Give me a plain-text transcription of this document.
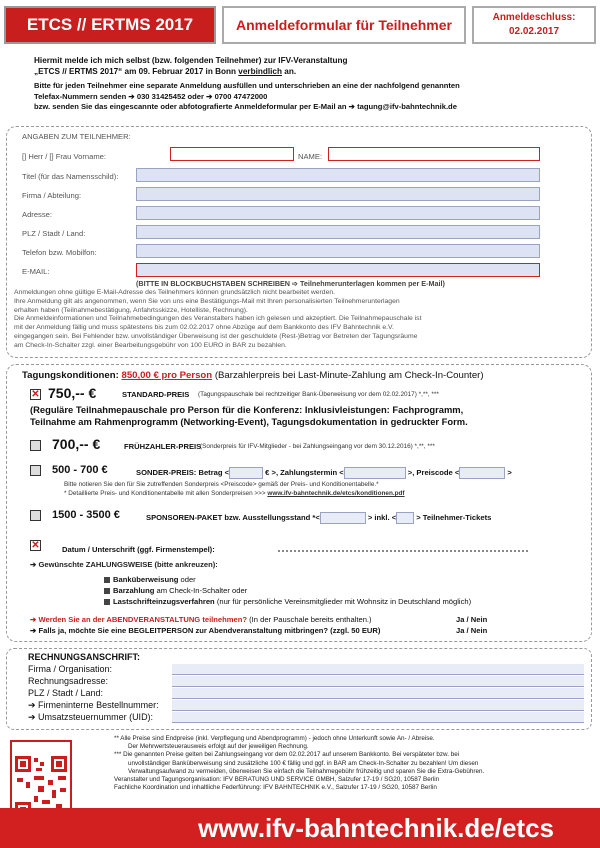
ETCS // ERTMS 2017	Anmeldeformular für Teilnehmer	Anmeldeschluss:
02.02.2017
Hiermit melde ich mich selbst (bzw. folgenden Teilnehmer) zur IFV-Veranstaltung
„ETCS // ERTMS 2017“ am 09. Februar 2017 in Bonn verbindlich an.
Bitte für jeden Teilnehmer eine separate Anmeldung ausfüllen und unterschrieben an eine der nachfolgend genannten
Telefax-Nummern senden ➔ 030 31425452 oder ➔ 0700 47472000
bzw. senden Sie das eingescannte oder abfotografierte Anmeldeformular per E-Mail an ➔ tagung@ifv-bahntechnik.de
ANGABEN ZUM TEILNEHMER:
[] Herr / [] Frau Vorname:	NAME:
Titel (für das Namensschild):
Firma / Abteilung:
Adresse:
PLZ / Stadt / Land:
Telefon bzw. Mobilfon:
E-MAIL:
(BITTE IN BLOCKBUCHSTABEN SCHREIBEN ➩ Teilnehmerunterlagen kommen per E-Mail)
Anmeldungen ohne gültige E-Mail-Adresse des Teilnehmers können grundsätzlich nicht bearbeitet werden.
Ihre Anmeldung gilt als angenommen, wenn Sie von uns eine Bestätigungs-Mail mit Ihren personalisierten Teilnehmerunterlagen
erhalten haben (Teilnahmebestätigung, Anfahrtsskizze, Hotelliste, Rechnung).
Die Anmeldeinformationen und Teilnahmebedingungen des Veranstalters haben ich gelesen und akzeptiert. Die Teilnahmepauschale ist
mit der Anmeldung fällig und muss spätestens bis zum 02.02.2017 ohne Abzüge auf dem Bankkonto des IFV Bahntechnik e.V.
eingegangen sein. Bei Fehlender bzw. unvollständiger Überweisung ist der geschuldete (Rest-)Betrag vor Betreten der Tagungsräume
am Check-In-Schalter zzgl. einer Bearbeitungsgebühr von 100 EURO in BAR zu bezahlen.
Tagungskonditionen: 850,00 € pro Person (Barzahlerpreis bei Last-Minute-Zahlung am Check-In-Counter)
✕ 750,-- €	STANDARD-PREIS (Tagungspauschale bei rechtzeitiger Bank-Überweisung vor dem 02.02.2017) *,**, ***
(Reguläre Teilnahmepauschale pro Person für die Konferenz: Inklusivleistungen: Fachprogramm,
Teilnahme am Rahmenprogramm (Networking-Event), Tagungsdokumentation in gedruckter Form.
700,-- €	FRÜHZAHLER-PREIS
(Sonderpreis für IFV-Mitglieder - bei Zahlungseingang vor dem 30.12.2016) *,**, ***
500 - 700 €	SONDER-PREIS: Betrag <	€ >, Zahlungstermin <	>, Preiscode <	>
Bitte notieren Sie den für Sie zutreffenden Sonderpreis <Preiscode> gemäß der Preis- und Konditionentabelle.*
* Detaillierte Preis- und Konditionentabelle mit allen Sonderpreisen >>> www.ifv-bahntechnik.de/etcs/konditionen.pdf
1500 - 3500 €	SPONSOREN-PAKET bzw. Ausstellungsstand *<	> inkl. < > Teilnehmer-Tickets
✕	Datum / Unterschrift (ggf. Firmenstempel):
➔ Gewünschte ZAHLUNGSWEISE (bitte ankreuzen):
Banküberweisung oder
Barzahlung am Check-In-Schalter oder
Lastschrifteinzugsverfahren (nur für persönliche Vereinsmitglieder mit Wohnsitz in Deutschland möglich)
➔ Werden Sie an der ABENDVERANSTALTUNG teilnehmen? (In der Pauschale bereits enthalten.)	Ja / Nein
➔ Falls ja, möchte Sie eine BEGLEITPERSON zur Abendveranstaltung mitbringen? (zzgl. 50 EUR)	Ja / Nein
RECHNUNGSANSCHRIFT:
Firma / Organisation:
Rechnungsadresse:
PLZ / Stadt / Land:
➔ Firmeninterne Bestellnummer:
➔ Umsatzsteuernummer (UID):
** Alle Preise sind Endpreise (inkl. Verpflegung und Abendprogramm) - jedoch ohne Unterkunft sowie An- / Abreise.
Der Mehrwertsteuerausweis erfolgt auf der jeweiligen Rechnung.
*** Die genannten Preise gelten bei Zahlungseingang vor dem 02.02.2017 auf unserem Bankkonto. Bei verspäteter bzw. bei
unvollständiger Banküberweisung sind zusätzliche 100 € fällig und ggf. in BAR am Check-In-Schalter zu bezahlen! Um diesen
Verwaltungsaufwand zu vermeiden, überweisen Sie einfach die Teilnahmegebühr frühzeitig und sparen Sie die Extra-Gebühren.
Veranstalter und Tagungsorganisation: IFV BERATUNG UND SERVICE GMBH, Salzufer 17-19 / SG20, 10587 Berlin
Fachliche Koordination und inhaltliche Federführung: IFV BAHNTECHNIK e.V., Salzufer 17-19 / SG20, 10587 Berlin
www.ifv-bahntechnik.de/etcs
